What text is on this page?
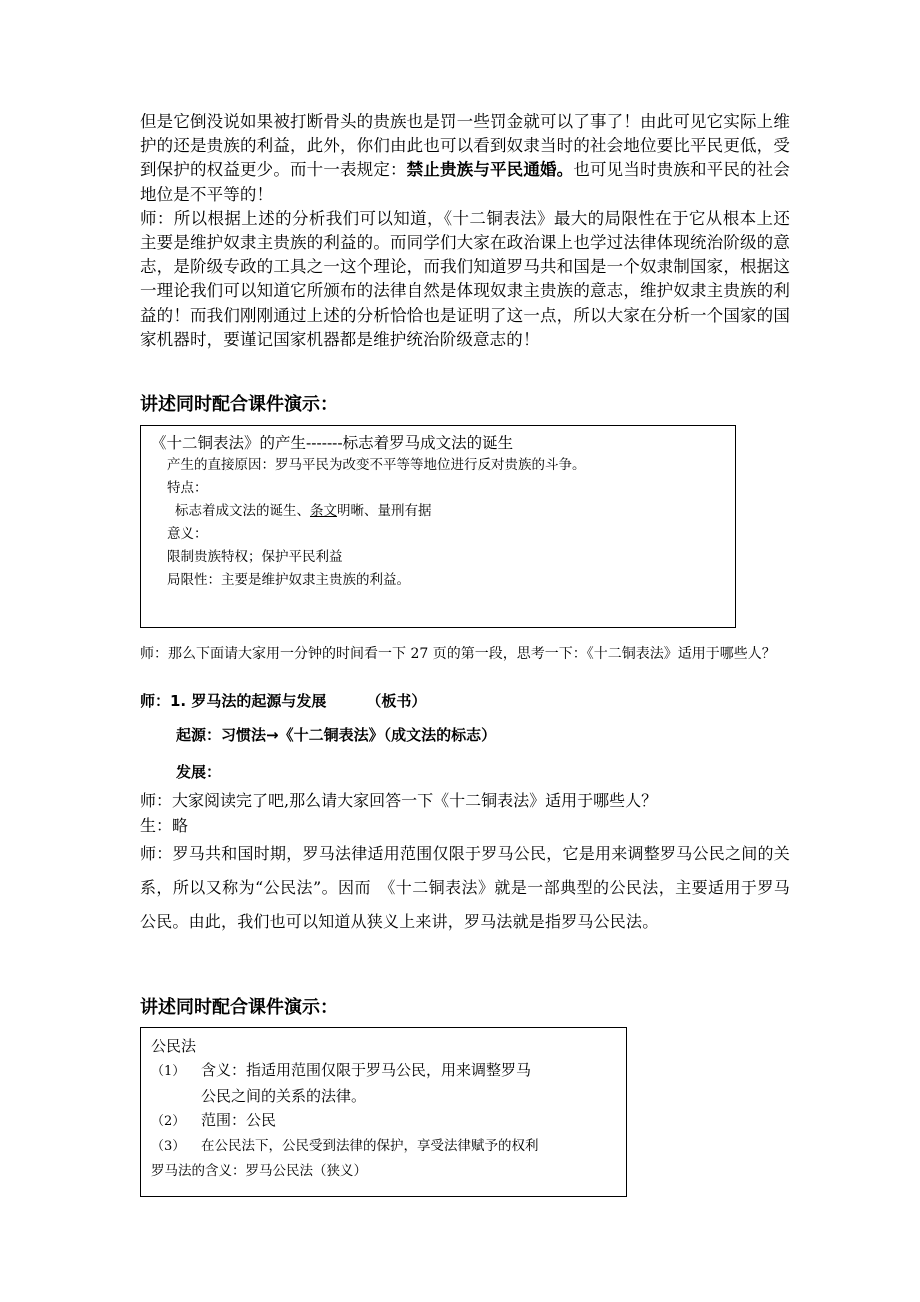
但是它倒没说如果被打断骨头的贵族也是罚一些罚金就可以了事了！由此可见它实际上维护的还是贵族的利益，此外，你们由此也可以看到奴隶当时的社会地位要比平民更低，受到保护的权益更少。而十一表规定：禁止贵族与平民通婚。也可见当时贵族和平民的社会地位是不平等的！
师：所以根据上述的分析我们可以知道，《十二铜表法》最大的局限性在于它从根本上还主要是维护奴隶主贵族的利益的。而同学们大家在政治课上也学过法律体现统治阶级的意志，是阶级专政的工具之一这个理论，而我们知道罗马共和国是一个奴隶制国家，根据这一理论我们可以知道它所颁布的法律自然是体现奴隶主贵族的意志，维护奴隶主贵族的利益的！而我们刚刚通过上述的分析恰恰也是证明了这一点，所以大家在分析一个国家的国家机器时，要谨记国家机器都是维护统治阶级意志的！

讲述同时配合课件演示：
《十二铜表法》的产生-------标志着罗马成文法的诞生
产生的直接原因：罗马平民为改变不平等等地位进行反对贵族的斗争。
特点：
标志着成文法的诞生、条文明晰、量刑有据
意义：
限制贵族特权；保护平民利益
局限性：主要是维护奴隶主贵族的利益。

师：那么下面请大家用一分钟的时间看一下 27 页的第一段，思考一下：《十二铜表法》适用于哪些人？

师：1. 罗马法的起源与发展	（板书）
起源：习惯法→《十二铜表法》（成文法的标志）
发展：
师：大家阅读完了吧,那么请大家回答一下《十二铜表法》适用于哪些人？
生：略

师：罗马共和国时期，罗马法律适用范围仅限于罗马公民，它是用来调整罗马公民之间的关系，所以又称为“公民法”。因而　《十二铜表法》就是一部典型的公民法，主要适用于罗马公民。由此，我们也可以知道从狭义上来讲，罗马法就是指罗马公民法。

讲述同时配合课件演示：
公民法
（1） 含义：指适用范围仅限于罗马公民，用来调整罗马
公民之间的关系的法律。
（2） 范围：公民
（3） 在公民法下，公民受到法律的保护，享受法律赋予的权利
罗马法的含义：罗马公民法（狭义）
